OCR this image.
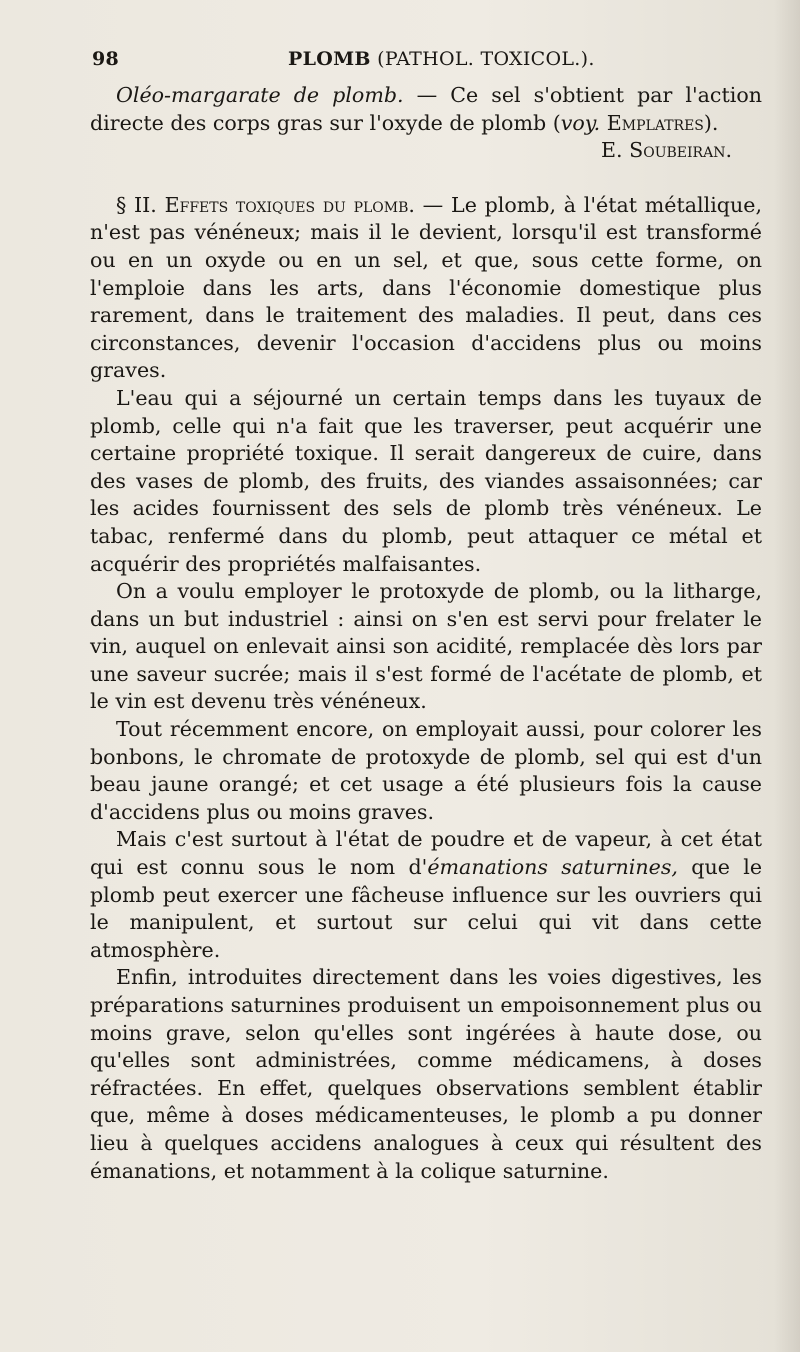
98	PLOMB (PATHOL. TOXICOL.).

Oléo-margarate de plomb. — Ce sel s'obtient par l'action directe des corps gras sur l'oxyde de plomb (voy. Emplatres).

E. Soubeiran.

§ II. Effets toxiques du plomb. — Le plomb, à l'état métallique, n'est pas vénéneux; mais il le devient, lorsqu'il est transformé ou en un oxyde ou en un sel, et que, sous cette forme, on l'emploie dans les arts, dans l'économie domestique plus rarement, dans le traitement des maladies. Il peut, dans ces circonstances, devenir l'occasion d'accidens plus ou moins graves.

L'eau qui a séjourné un certain temps dans les tuyaux de plomb, celle qui n'a fait que les traverser, peut acquérir une certaine propriété toxique. Il serait dangereux de cuire, dans des vases de plomb, des fruits, des viandes assaisonnées; car les acides fournissent des sels de plomb très vénéneux. Le tabac, renfermé dans du plomb, peut attaquer ce métal et acquérir des propriétés malfaisantes.

On a voulu employer le protoxyde de plomb, ou la litharge, dans un but industriel : ainsi on s'en est servi pour frelater le vin, auquel on enlevait ainsi son acidité, remplacée dès lors par une saveur sucrée; mais il s'est formé de l'acétate de plomb, et le vin est devenu très vénéneux.

Tout récemment encore, on employait aussi, pour colorer les bonbons, le chromate de protoxyde de plomb, sel qui est d'un beau jaune orangé; et cet usage a été plusieurs fois la cause d'accidens plus ou moins graves.

Mais c'est surtout à l'état de poudre et de vapeur, à cet état qui est connu sous le nom d'émanations saturnines, que le plomb peut exercer une fâcheuse influence sur les ouvriers qui le manipulent, et surtout sur celui qui vit dans cette atmosphère.

Enfin, introduites directement dans les voies digestives, les préparations saturnines produisent un empoisonnement plus ou moins grave, selon qu'elles sont ingérées à haute dose, ou qu'elles sont administrées, comme médicamens, à doses réfractées. En effet, quelques observations semblent établir que, même à doses médicamenteuses, le plomb a pu donner lieu à quelques accidens analogues à ceux qui résultent des émanations, et notamment à la colique saturnine.
